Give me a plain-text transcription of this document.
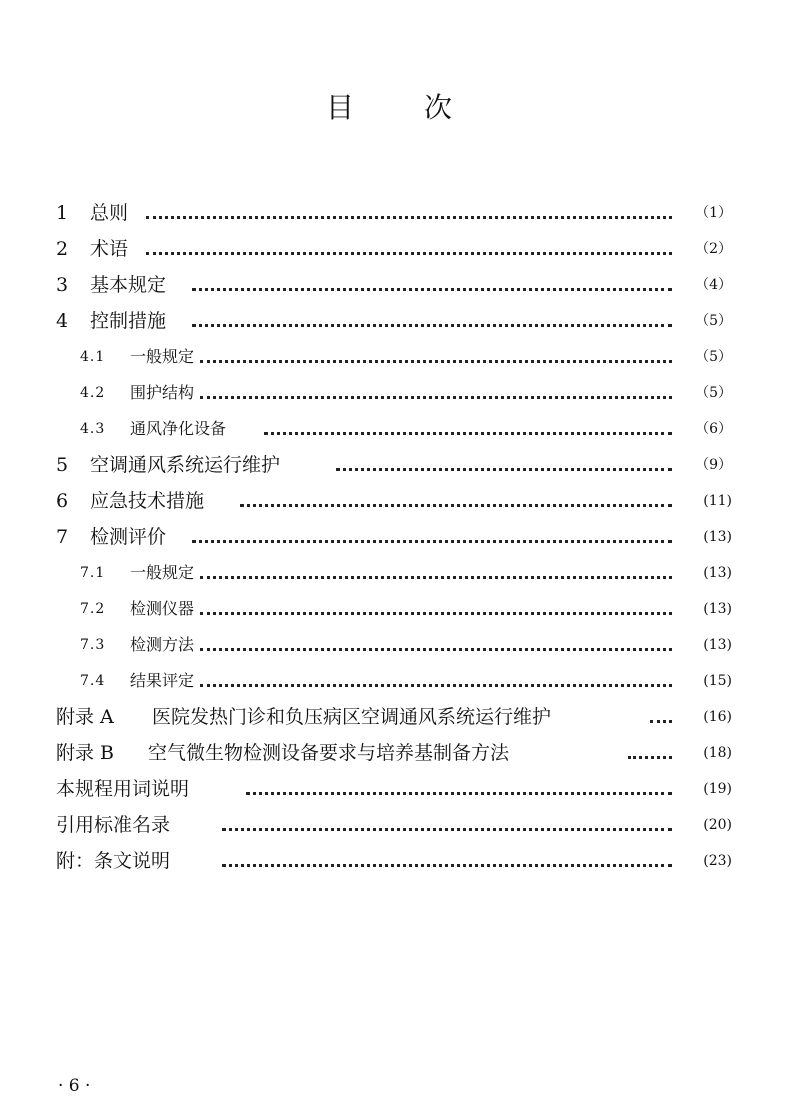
目 次
1 总则	（1）
2 术语	（2）
3 基本规定	（4）
4 控制措施	（5）
4.1 一般规定	（5）
4.2 围护结构	（5）
4.3 通风净化设备	（6）
5 空调通风系统运行维护	（9）
6 应急技术措施	(11)
7 检测评价	(13)
7.1 一般规定	(13)
7.2 检测仪器	(13)
7.3 检测方法	(13)
7.4 结果评定	(15)
附录 A 医院发热门诊和负压病区空调通风系统运行维护	(16)
附录 B 空气微生物检测设备要求与培养基制备方法	(18)
本规程用词说明	(19)
引用标准名录	(20)
附：条文说明	(23)
· 6 ·
